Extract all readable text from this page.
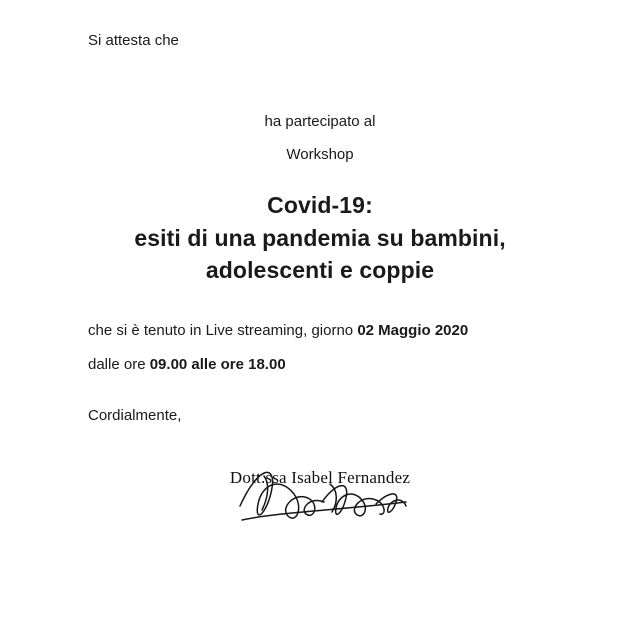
Si attesta che
ha partecipato al
Workshop
Covid-19:
esiti di una pandemia su bambini,
adolescenti e coppie
che si è tenuto in Live streaming, giorno 02 Maggio 2020
dalle ore 09.00 alle ore 18.00
Cordialmente,
Dott.ssa Isabel Fernandez
